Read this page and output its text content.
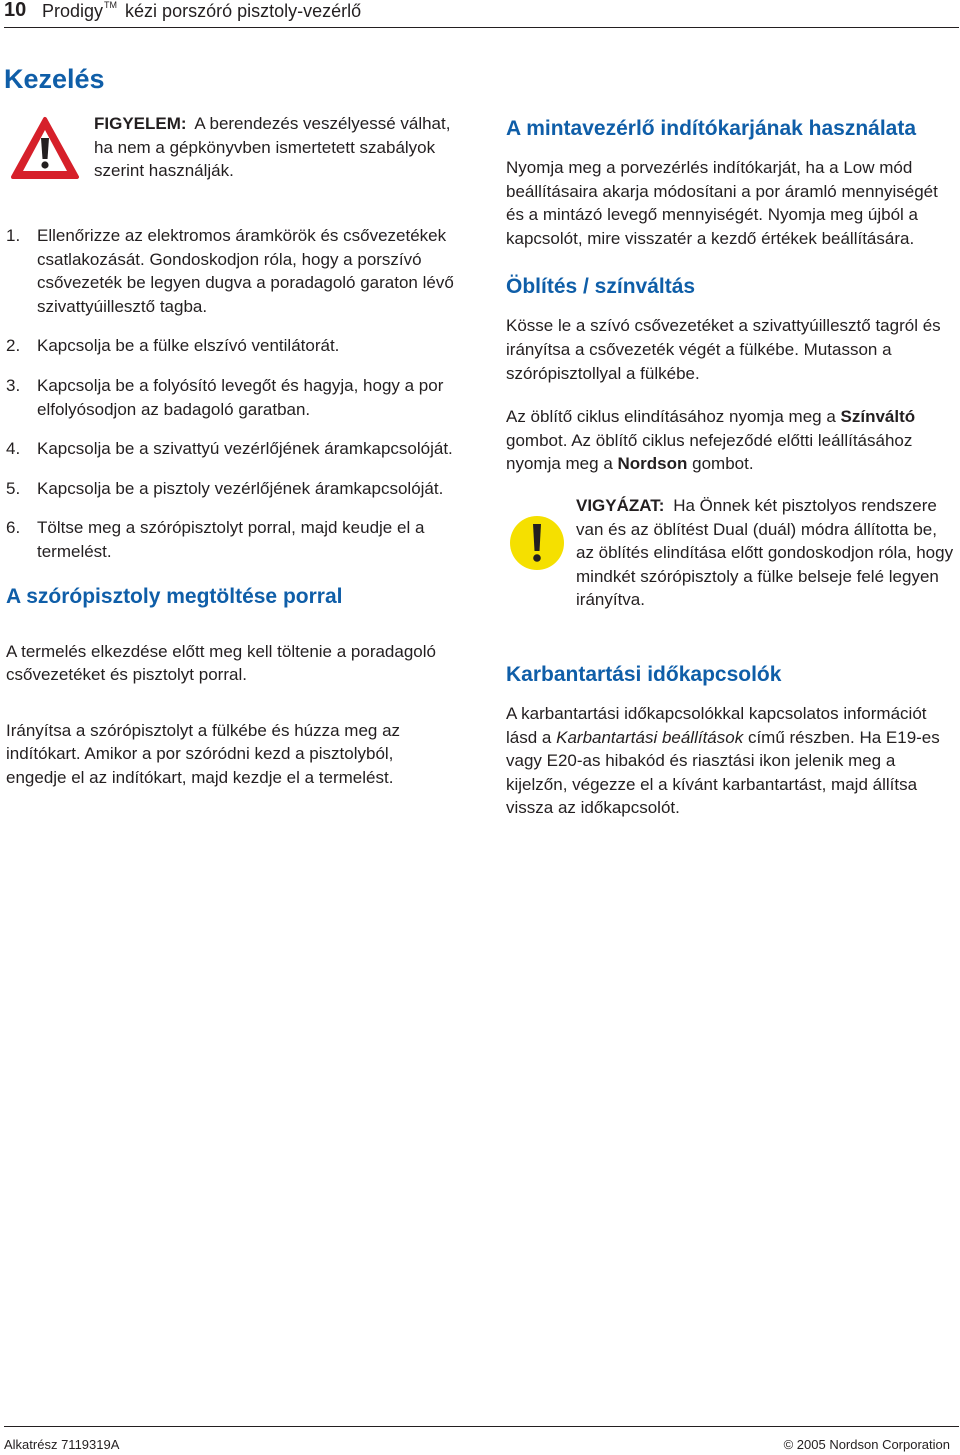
10 Prodigy™ kézi porszóró pisztoly-vezérlő
Kezelés
FIGYELEM: A berendezés veszélyessé válhat, ha nem a gépkönyvben ismertetett szabályok szerint használják.
1. Ellenőrizze az elektromos áramkörök és csővezetékek csatlakozását. Gondoskodjon róla, hogy a porszívó csővezeték be legyen dugva a poradagoló garaton lévő szivattyúillesztő tagba.
2. Kapcsolja be a fülke elszívó ventilátorát.
3. Kapcsolja be a folyósító levegőt és hagyja, hogy a por elfolyósodjon az badagoló garatban.
4. Kapcsolja be a szivattyú vezérlőjének áramkapcsolóját.
5. Kapcsolja be a pisztoly vezérlőjének áramkapcsolóját.
6. Töltse meg a szórópisztolyt porral, majd keudje el a termelést.
A szórópisztoly megtöltése porral

A termelés elkezdése előtt meg kell töltenie a poradagoló csővezetéket és pisztolyt porral.

Irányítsa a szórópisztolyt a fülkébe és húzza meg az indítókart. Amikor a por szóródni kezd a pisztolyból, engedje el az indítókart, majd kezdje el a termelést.

A mintavezérlő indítókarjának használata

Nyomja meg a porvezérlés indítókarját, ha a Low mód beállításaira akarja módosítani a por áramló mennyiségét és a mintázó levegő mennyiségét. Nyomja meg újból a kapcsolót, mire visszatér a kezdő értékek beállítására.

Öblítés / színváltás

Kösse le a szívó csővezetéket a szivattyúillesztő tagról és irányítsa a csővezeték végét a fülkébe. Mutasson a szórópisztollyal a fülkébe.

Az öblítő ciklus elindításához nyomja meg a Színváltó gombot. Az öblítő ciklus nefejeződé előtti leállításához nyomja meg a Nordson gombot.

VIGYÁZAT: Ha Önnek két pisztolyos rendszere van és az öblítést Dual (duál) módra állította be, az öblítés elindítása előtt gondoskodjon róla, hogy mindkét szórópisztoly a fülke belseje felé legyen irányítva.
Karbantartási időkapcsolók

A karbantartási időkapcsolókkal kapcsolatos információt lásd a Karbantartási beállítások című részben. Ha E19-es vagy E20-as hibakód és riasztási ikon jelenik meg a kijelzőn, végezze el a kívánt karbantartást, majd állítsa vissza az időkapcsolót.

Alkatrész 7119319A	© 2005 Nordson Corporation
